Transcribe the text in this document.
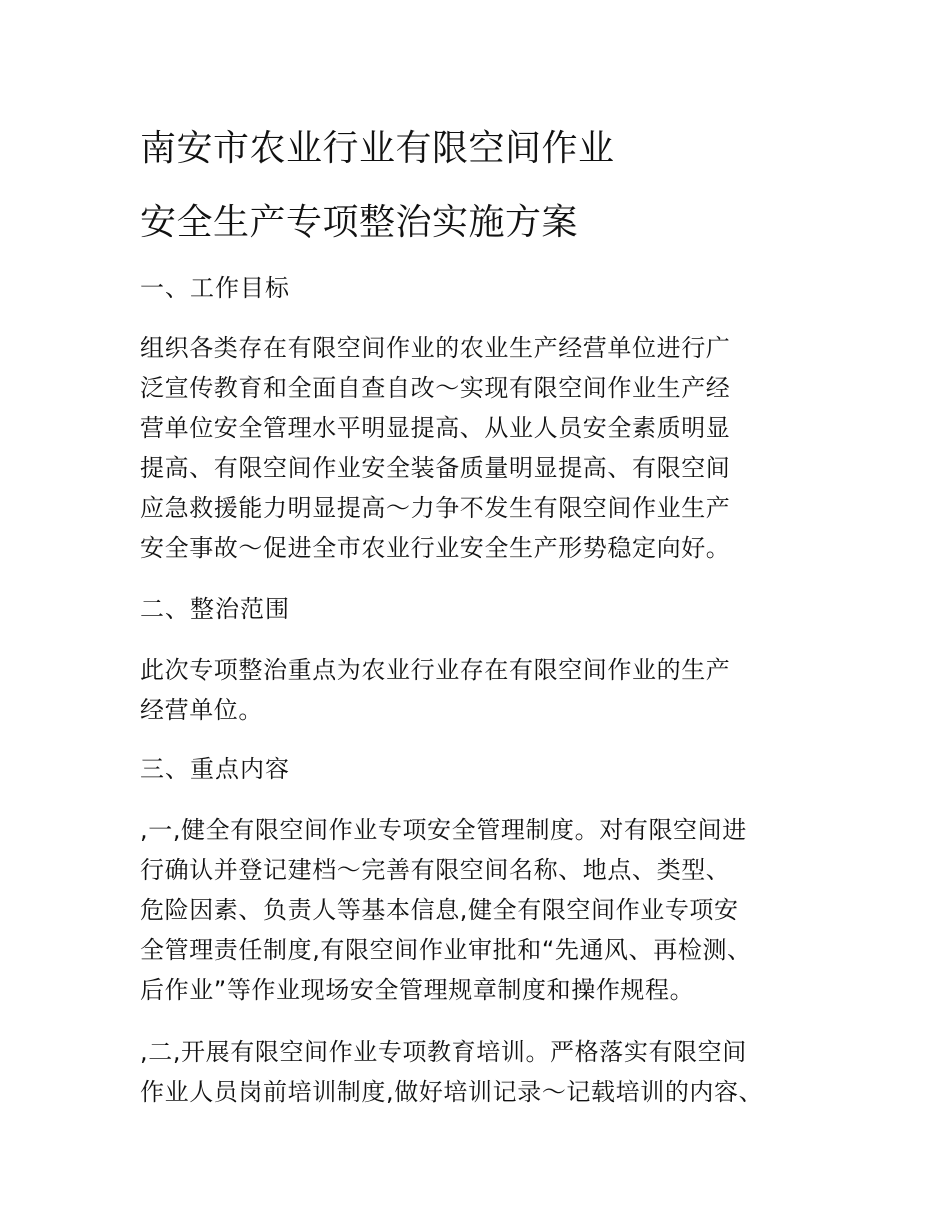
南安市农业行业有限空间作业
安全生产专项整治实施方案
一、工作目标
组织各类存在有限空间作业的农业生产经营单位进行广
泛宣传教育和全面自查自改～实现有限空间作业生产经
营单位安全管理水平明显提高、从业人员安全素质明显
提高、有限空间作业安全装备质量明显提高、有限空间
应急救援能力明显提高～力争不发生有限空间作业生产
安全事故～促进全市农业行业安全生产形势稳定向好。
二、整治范围
此次专项整治重点为农业行业存在有限空间作业的生产
经营单位。
三、重点内容
,一,健全有限空间作业专项安全管理制度。对有限空间进
行确认并登记建档～完善有限空间名称、地点、类型、
危险因素、负责人等基本信息,健全有限空间作业专项安
全管理责任制度,有限空间作业审批和“先通风、再检测、
后作业”等作业现场安全管理规章制度和操作规程。
,二,开展有限空间作业专项教育培训。严格落实有限空间
作业人员岗前培训制度,做好培训记录～记载培训的内容、
